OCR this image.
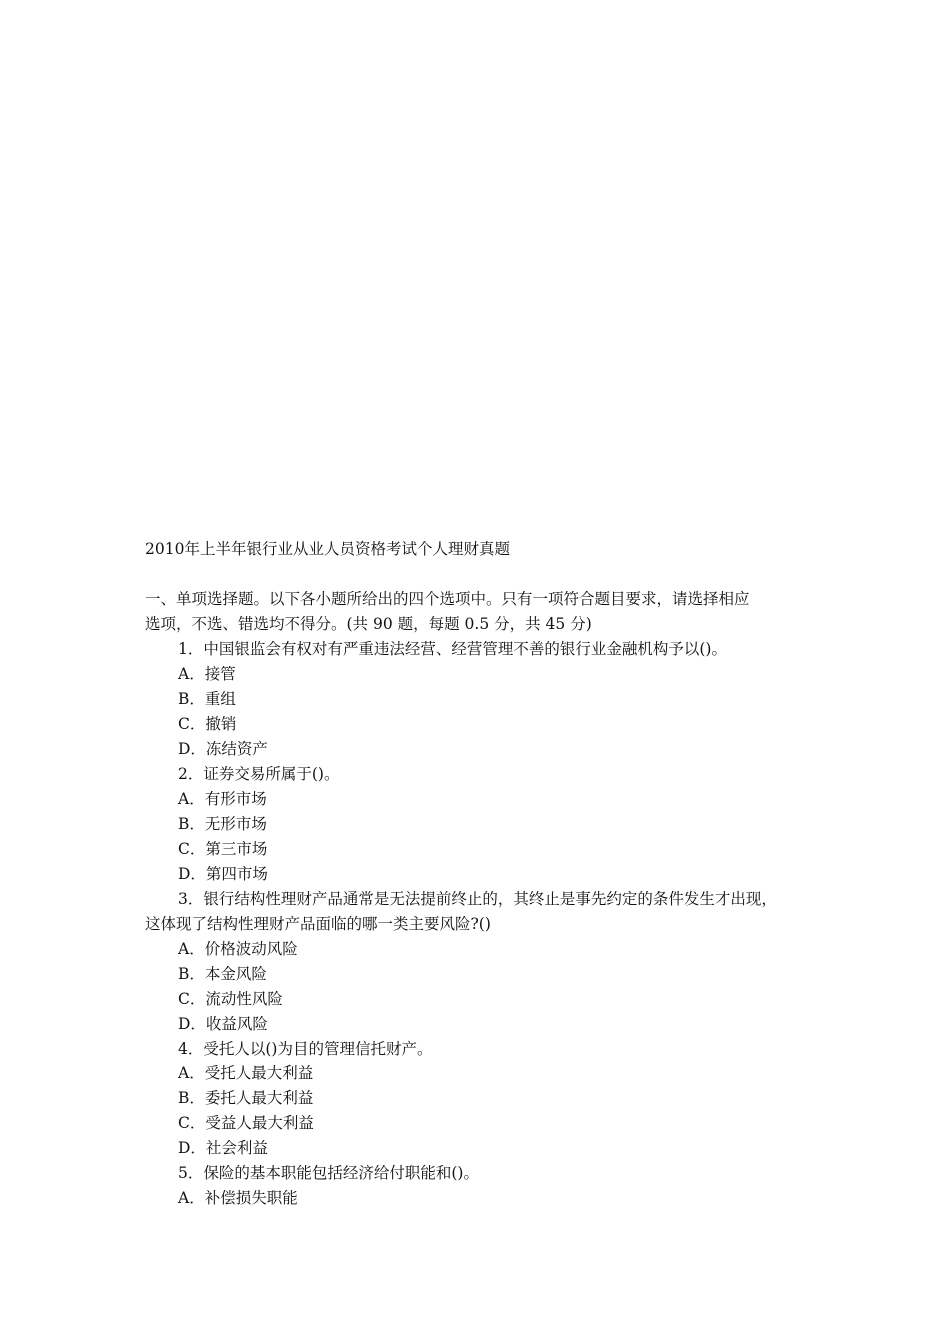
2010年上半年银行业从业人员资格考试个人理财真题
一、单项选择题。以下各小题所给出的四个选项中。只有一项符合题目要求，请选择相应
选项，不选、错选均不得分。(共 90 题，每题 0.5 分，共 45 分)
1．中国银监会有权对有严重违法经营、经营管理不善的银行业金融机构予以()。
A．接管
B．重组
C．撤销
D．冻结资产
2．证券交易所属于()。
A．有形市场
B．无形市场
C．第三市场
D．第四市场
3．银行结构性理财产品通常是无法提前终止的，其终止是事先约定的条件发生才出现，
这体现了结构性理财产品面临的哪一类主要风险?()
A．价格波动风险
B．本金风险
C．流动性风险
D．收益风险
4．受托人以()为目的管理信托财产。
A．受托人最大利益
B．委托人最大利益
C．受益人最大利益
D．社会利益
5．保险的基本职能包括经济给付职能和()。
A．补偿损失职能
